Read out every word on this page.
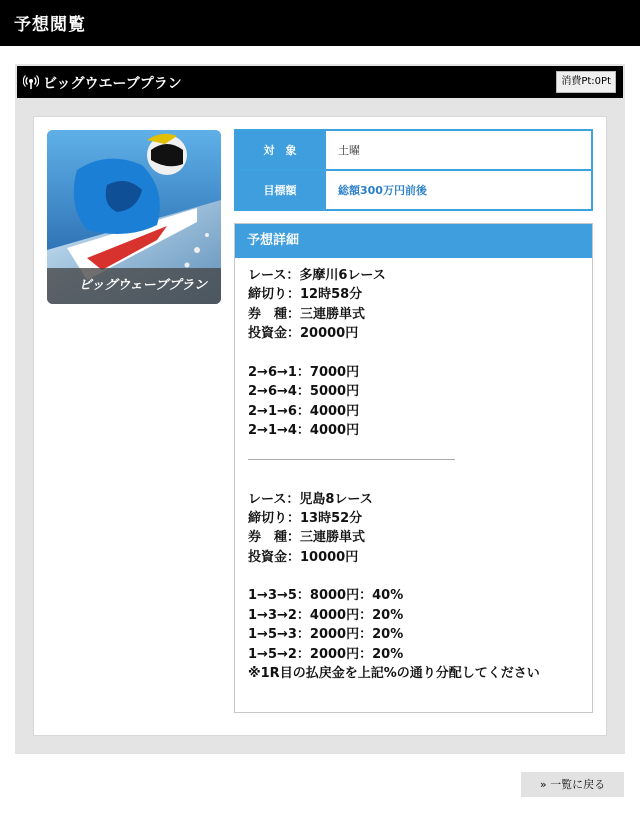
予想閲覧
ビッグウエーブプラン	消費Pt:0Pt
ビッグウェーブプラン
対　象	土曜
目標額	総額300万円前後
予想詳細
レース：多摩川6レース
締切り：12時58分
券　種：三連勝単式
投資金：20000円
2→6→1：7000円
2→6→4：5000円
2→1→6：4000円
2→1→4：4000円
レース：児島8レース
締切り：13時52分
券　種：三連勝単式
投資金：10000円
1→3→5：8000円：40%
1→3→2：4000円：20%
1→5→3：2000円：20%
1→5→2：2000円：20%
※1R目の払戻金を上記%の通り分配してください
» 一覧に戻る
